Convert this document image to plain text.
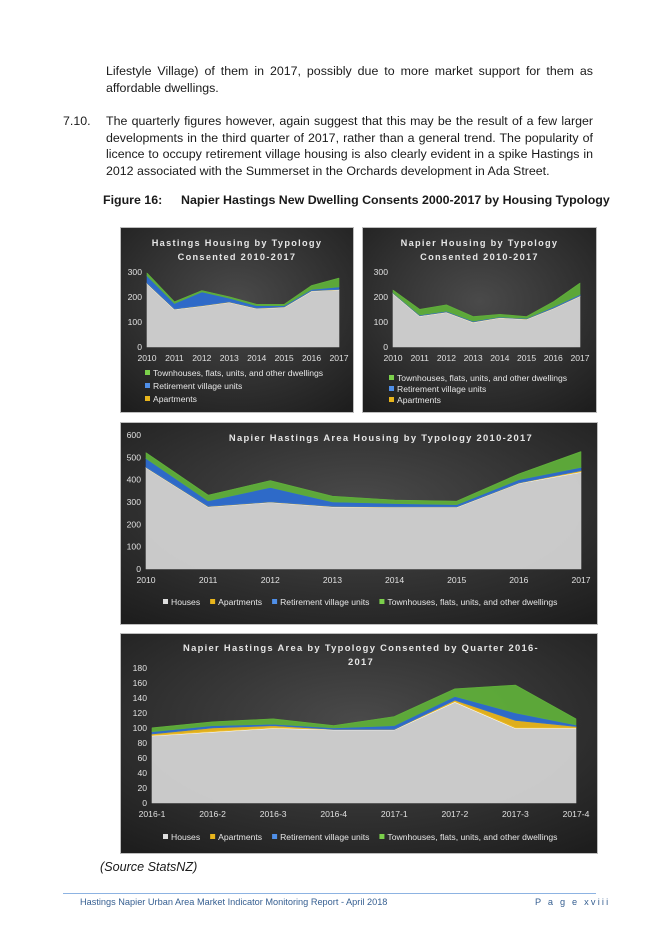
Lifestyle Village) of them in 2017, possibly due to more market support for them as affordable dwellings.
7.10. The quarterly figures however, again suggest that this may be the result of a few larger developments in the third quarter of 2017, rather than a general trend. The popularity of licence to occupy retirement village housing is also clearly evident in a spike Hastings in 2012 associated with the Summerset in the Orchards development in Ada Street.
Figure 16: Napier Hastings New Dwelling Consents 2000-2017 by Housing Typology
Hastings Housing by Typology
Consented 2010-2017
0
100
200
300
2010 2011 2012 2013 2014 2015 2016 2017
Townhouses, flats, units, and other dwellings
Retirement village units
Apartments
Napier Housing by Typology
Consented 2010-2017
0
100
200
300
2010 2011 2012 2013 2014 2015 2016 2017
Townhouses, flats, units, and other dwellings
Retirement village units
Apartments
Napier Hastings Area Housing by Typology 2010-2017
0
100
200
300
400
500
600
2010	2011	2012	2013	2014	2015	2016	2017
Houses Apartments Retirement village units Townhouses, flats, units, and other dwellings
Napier Hastings Area by Typology Consented by Quarter 2016-
2017
0
20
40
60
80
100
120
140
160
180
2016-1	2016-2	2016-3	2016-4	2017-1	2017-2	2017-3	2017-4
Houses Apartments Retirement village units Townhouses, flats, units, and other dwellings
(Source StatsNZ)
Hastings Napier Urban Area Market Indicator Monitoring Report - April 2018	P a g e xviii
